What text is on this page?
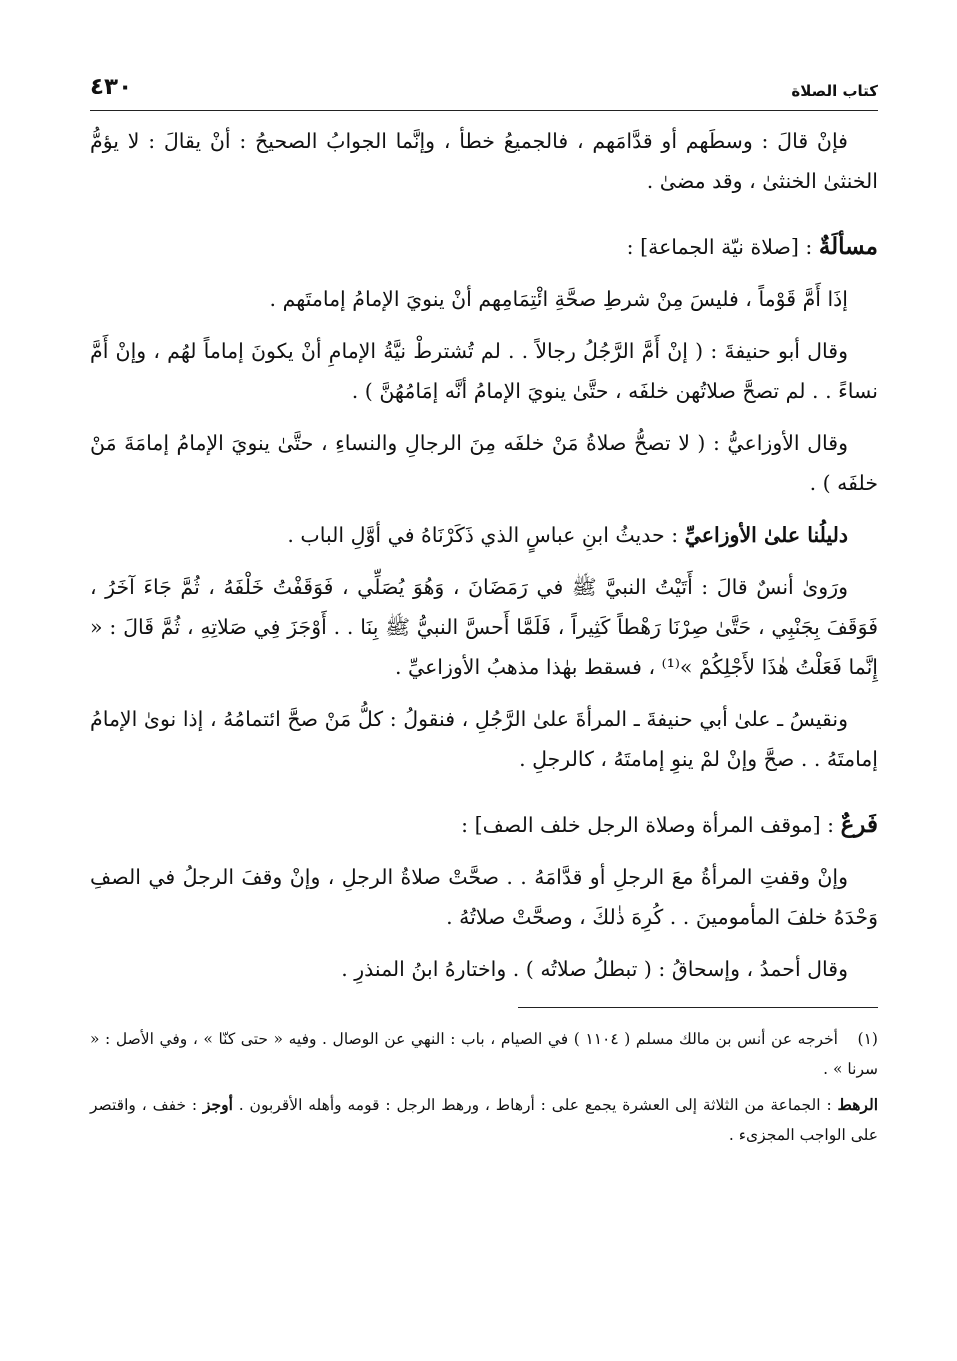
كتاب الصلاة
٤٣٠

فإنْ قالَ : وسطَهم أو قدَّامَهم ، فالجميعُ خطأ ، وإنَّما الجوابُ الصحيحُ : أنْ يقالَ : لا يؤمُّ الخنثىٰ الخنثىٰ ، وقد مضىٰ .

مسألَةٌ : [صلاة نيّة الجماعة] :

إذَا أَمَّ قَوْماً ، فليسَ مِنْ شرطِ صحَّةِ ائْتِمَامِهم أنْ ينويَ الإمامُ إمامتَهم .

وقال أبو حنيفةَ : ( إنْ أَمَّ الرَّجُلُ رجالاً . . لم تُشترطْ نيَّةُ الإمامِ أنْ يكونَ إماماً لهُم ، وإنْ أَمَّ نساءً . . لم تصحَّ صلاتُهن خلفَه ، حتَّىٰ ينويَ الإمامُ أنَّه إمَامُهُنَّ ) .

وقال الأوزاعيُّ : ( لا تصحُّ صلاةُ مَنْ خلفَه مِنَ الرجالِ والنساءِ ، حتَّىٰ ينويَ الإمامُ إمامَةَ مَنْ خلفَه ) .

دليلُنا علىٰ الأوزاعيِّ : حديثُ ابنِ عباسٍ الذي ذَكَرْنَاهُ في أوَّلِ الباب .

ورَوىٰ أنسٌ قالَ : أَتَيْتُ النبيَّ ﷺ في رَمَضَانَ ، وَهُوَ يُصَلِّي ، فَوَقَفْتُ خَلْفَهُ ، ثُمَّ جَاءَ آخَرُ ، فَوَقَفَ بِجَنْبِي ، حَتَّىٰ صِرْنَا رَهْطاً كَثِيراً ، فَلَمَّا أَحسَّ النبيُّ ﷺ بِنَا . . أَوْجَزَ فِي صَلاتِهِ ، ثُمَّ قَالَ : « إِنَّما فَعَلْتُ هٰذَا لأَجْلِكُمْ »⁽¹⁾ ، فسقط بهٰذا مذهبُ الأوزاعيِّ .

ونقيسُ ـ علىٰ أبي حنيفةَ ـ المرأةَ علىٰ الرَّجُلِ ، فنقولُ : كلُّ مَنْ صحَّ ائتمامُهُ ، إذا نوىٰ الإمامُ إمامتَهُ . . صحَّ وإنْ لمْ ينوِ إمامتَهُ ، كالرجلِ .

فَرعٌ : [موقف المرأة وصلاة الرجل خلف الصف] :

وإنْ وقفتِ المرأةُ معَ الرجلِ أو قدَّامَهُ . . صحَّتْ صلاةُ الرجلِ ، وإنْ وقفَ الرجلُ في الصفِ وَحْدَهُ خلفَ المأمومينَ . . كُرِهَ ذٰلكَ ، وصحَّتْ صلاتُهُ .

وقال أحمدُ ، وإسحاقُ : ( تبطلُ صلاتُه ) . واختارهُ ابنُ المنذرِ .

(١)أخرجه عن أنس بن مالك مسلم ( ١١٠٤ ) في الصيام ، باب : النهي عن الوصال . وفيه « حتى كنّا » ، وفي الأصل : « سرنا » .

الرهط : الجماعة من الثلاثة إلى العشرة يجمع على : أرهاط ، ورهط الرجل : قومه وأهله الأقربون . أوجز : خفف ، واقتصر على الواجب المجزىء .
